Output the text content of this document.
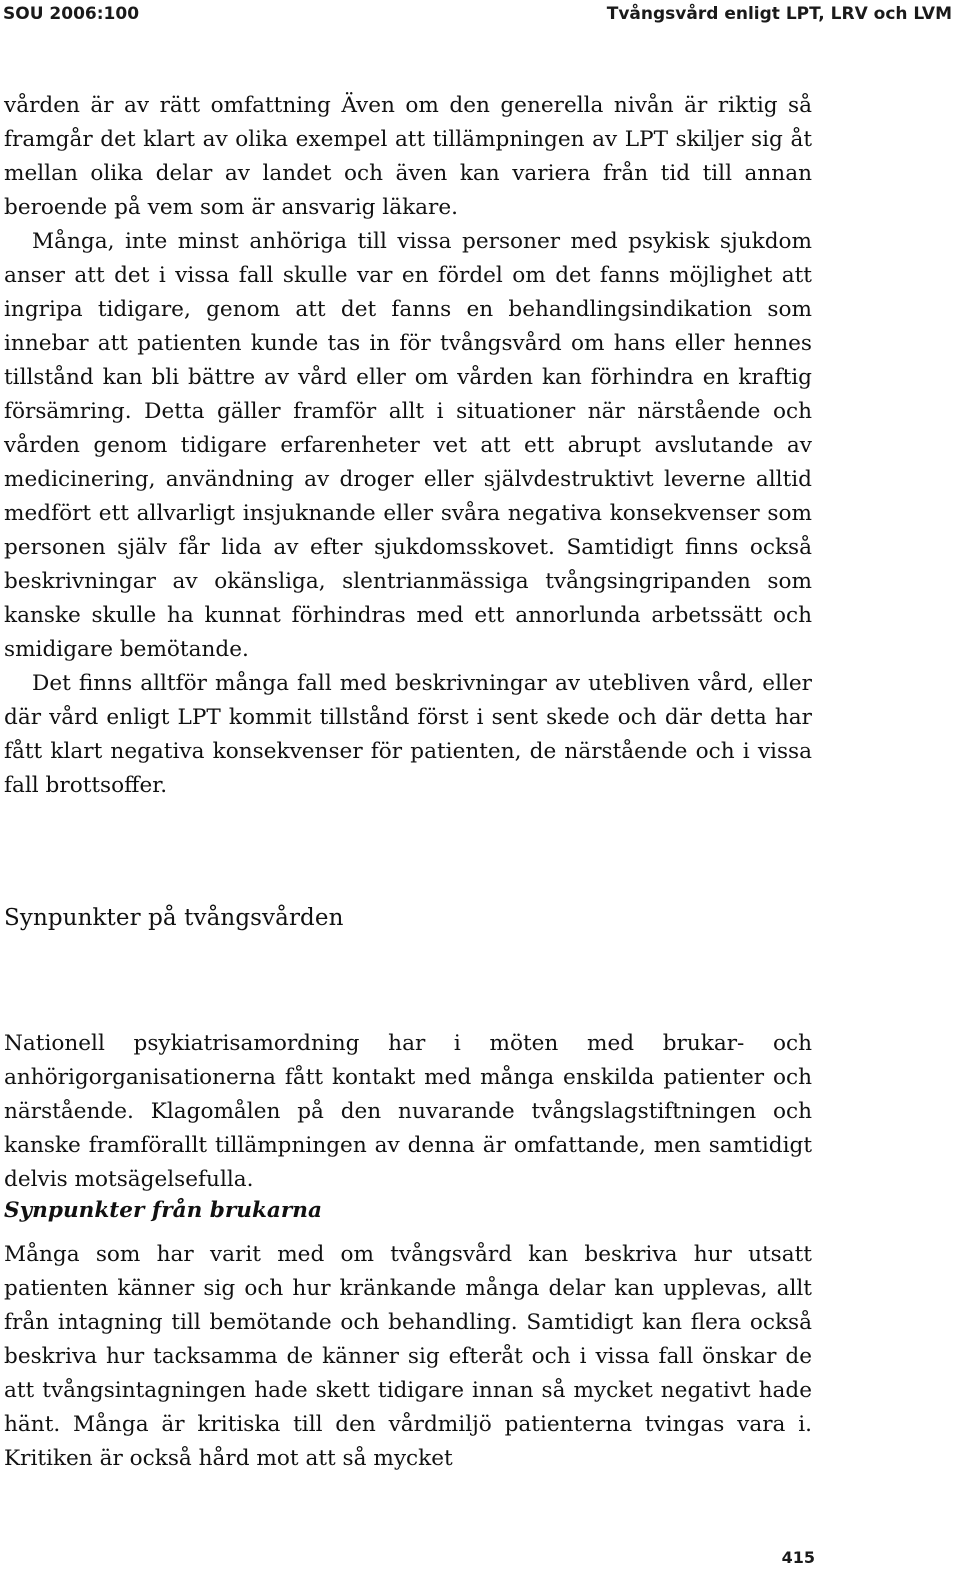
SOU 2006:100	Tvångsvård enligt LPT, LRV och LVM

vården är av rätt omfattning Även om den generella nivån är riktig så framgår det klart av olika exempel att tillämpningen av LPT skiljer sig åt mellan olika delar av landet och även kan variera från tid till annan beroende på vem som är ansvarig läkare.

Många, inte minst anhöriga till vissa personer med psykisk sjukdom anser att det i vissa fall skulle var en fördel om det fanns möjlighet att ingripa tidigare, genom att det fanns en behandlingsindikation som innebar att patienten kunde tas in för tvångsvård om hans eller hennes tillstånd kan bli bättre av vård eller om vården kan förhindra en kraftig försämring. Detta gäller framför allt i situationer när närstående och vården genom tidigare erfarenheter vet att ett abrupt avslutande av medicinering, användning av droger eller självdestruktivt leverne alltid medfört ett allvarligt insjuknande eller svåra negativa konsekvenser som personen själv får lida av efter sjukdomsskovet. Samtidigt finns också beskrivningar av okänsliga, slentrianmässiga tvångsingripanden som kanske skulle ha kunnat förhindras med ett annorlunda arbetssätt och smidigare bemötande.

Det finns alltför många fall med beskrivningar av utebliven vård, eller där vård enligt LPT kommit tillstånd först i sent skede och där detta har fått klart negativa konsekvenser för patienten, de närstående och i vissa fall brottsoffer.

Synpunkter på tvångsvården

Nationell psykiatrisamordning har i möten med brukar- och anhörigorganisationerna fått kontakt med många enskilda patienter och närstående. Klagomålen på den nuvarande tvångslagstiftningen och kanske framförallt tillämpningen av denna är omfattande, men samtidigt delvis motsägelsefulla.

Synpunkter från brukarna

Många som har varit med om tvångsvård kan beskriva hur utsatt patienten känner sig och hur kränkande många delar kan upplevas, allt från intagning till bemötande och behandling. Samtidigt kan flera också beskriva hur tacksamma de känner sig efteråt och i vissa fall önskar de att tvångsintagningen hade skett tidigare innan så mycket negativt hade hänt. Många är kritiska till den vårdmiljö patienterna tvingas vara i. Kritiken är också hård mot att så mycket

415
